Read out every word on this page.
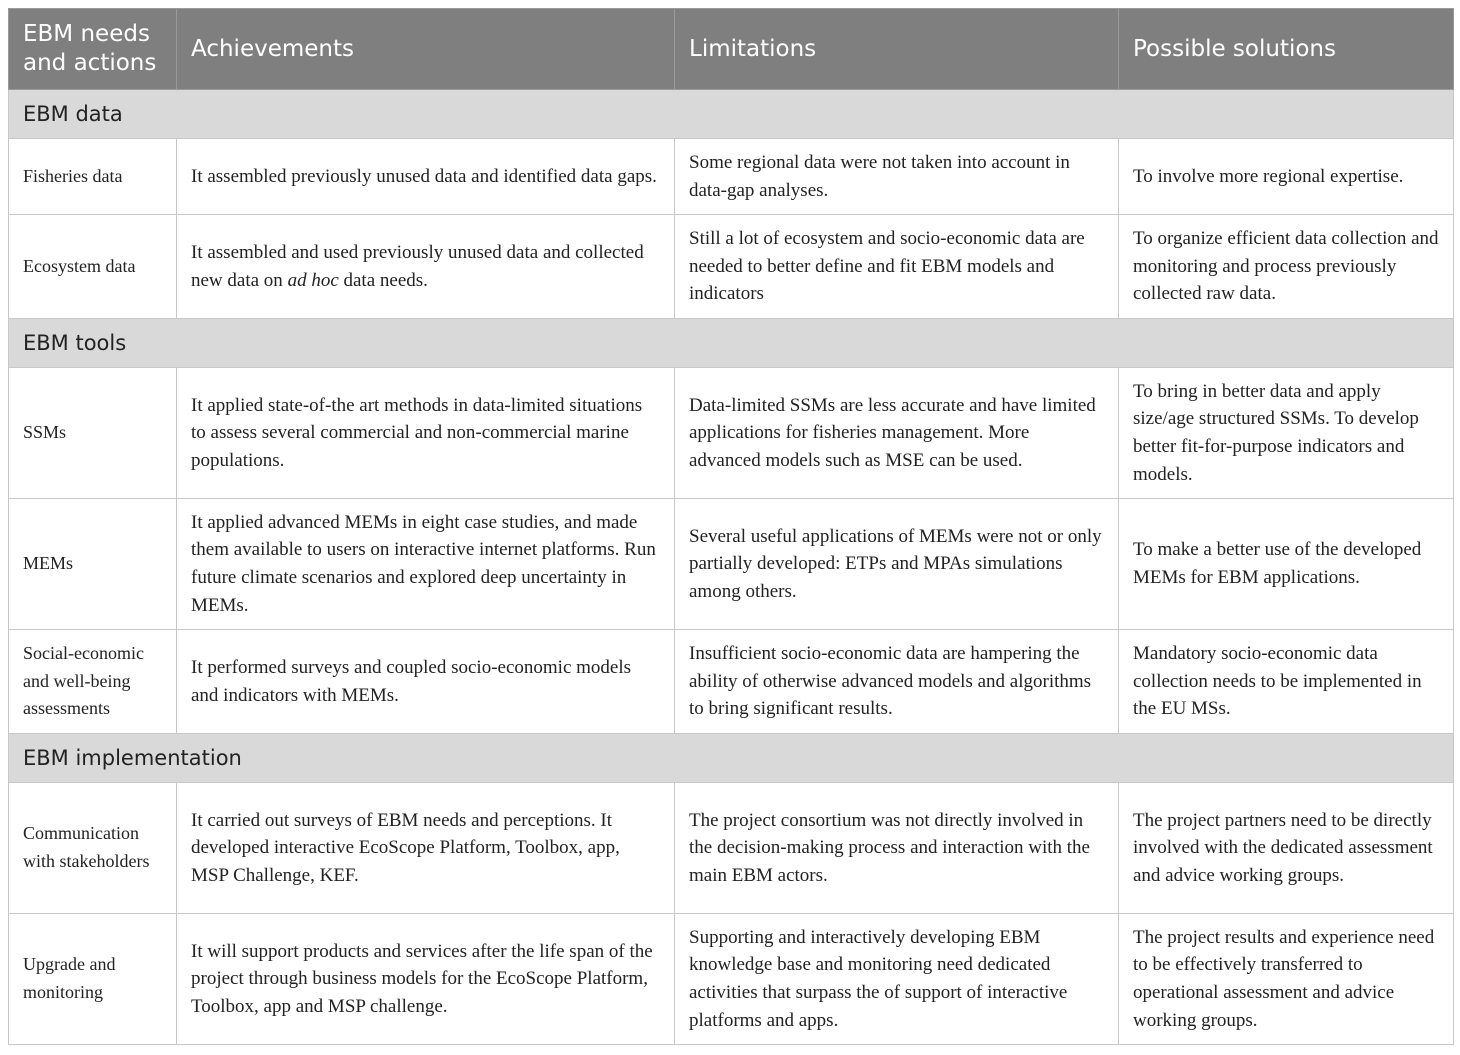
EBM needs and actions	Achievements	Limitations	Possible solutions
EBM data			
Fisheries data	It assembled previously unused data and identified data gaps.	Some regional data were not taken into account in data-gap analyses.	To involve more regional expertise.
Ecosystem data	It assembled and used previously unused data and collected new data on ad hoc data needs.	Still a lot of ecosystem and socio-economic data are needed to better define and fit EBM models and indicators	To organize efficient data collection and monitoring and process previously collected raw data.
EBM tools			
SSMs	It applied state-of-the art methods in data-limited situations to assess several commercial and non-commercial marine populations.	Data-limited SSMs are less accurate and have limited applications for fisheries management. More advanced models such as MSE can be used.	To bring in better data and apply size/age structured SSMs. To develop better fit-for-purpose indicators and models.
MEMs	It applied advanced MEMs in eight case studies, and made them available to users on interactive internet platforms. Run future climate scenarios and explored deep uncertainty in MEMs.	Several useful applications of MEMs were not or only partially developed: ETPs and MPAs simulations among others.	To make a better use of the developed MEMs for EBM applications.
Social-economic and well-being assessments	It performed surveys and coupled socio-economic models and indicators with MEMs.	Insufficient socio-economic data are hampering the ability of otherwise advanced models and algorithms to bring significant results.	Mandatory socio-economic data collection needs to be implemented in the EU MSs.
EBM implementation			
Communication with stakeholders	It carried out surveys of EBM needs and perceptions. It developed interactive EcoScope Platform, Toolbox, app, MSP Challenge, KEF.	The project consortium was not directly involved in the decision-making process and interaction with the main EBM actors.	The project partners need to be directly involved with the dedicated assessment and advice working groups.
Upgrade and monitoring	It will support products and services after the life span of the project through business models for the EcoScope Platform, Toolbox, app and MSP challenge.	Supporting and interactively developing EBM knowledge base and monitoring need dedicated activities that surpass the of support of interactive platforms and apps.	The project results and experience need to be effectively transferred to operational assessment and advice working groups.
